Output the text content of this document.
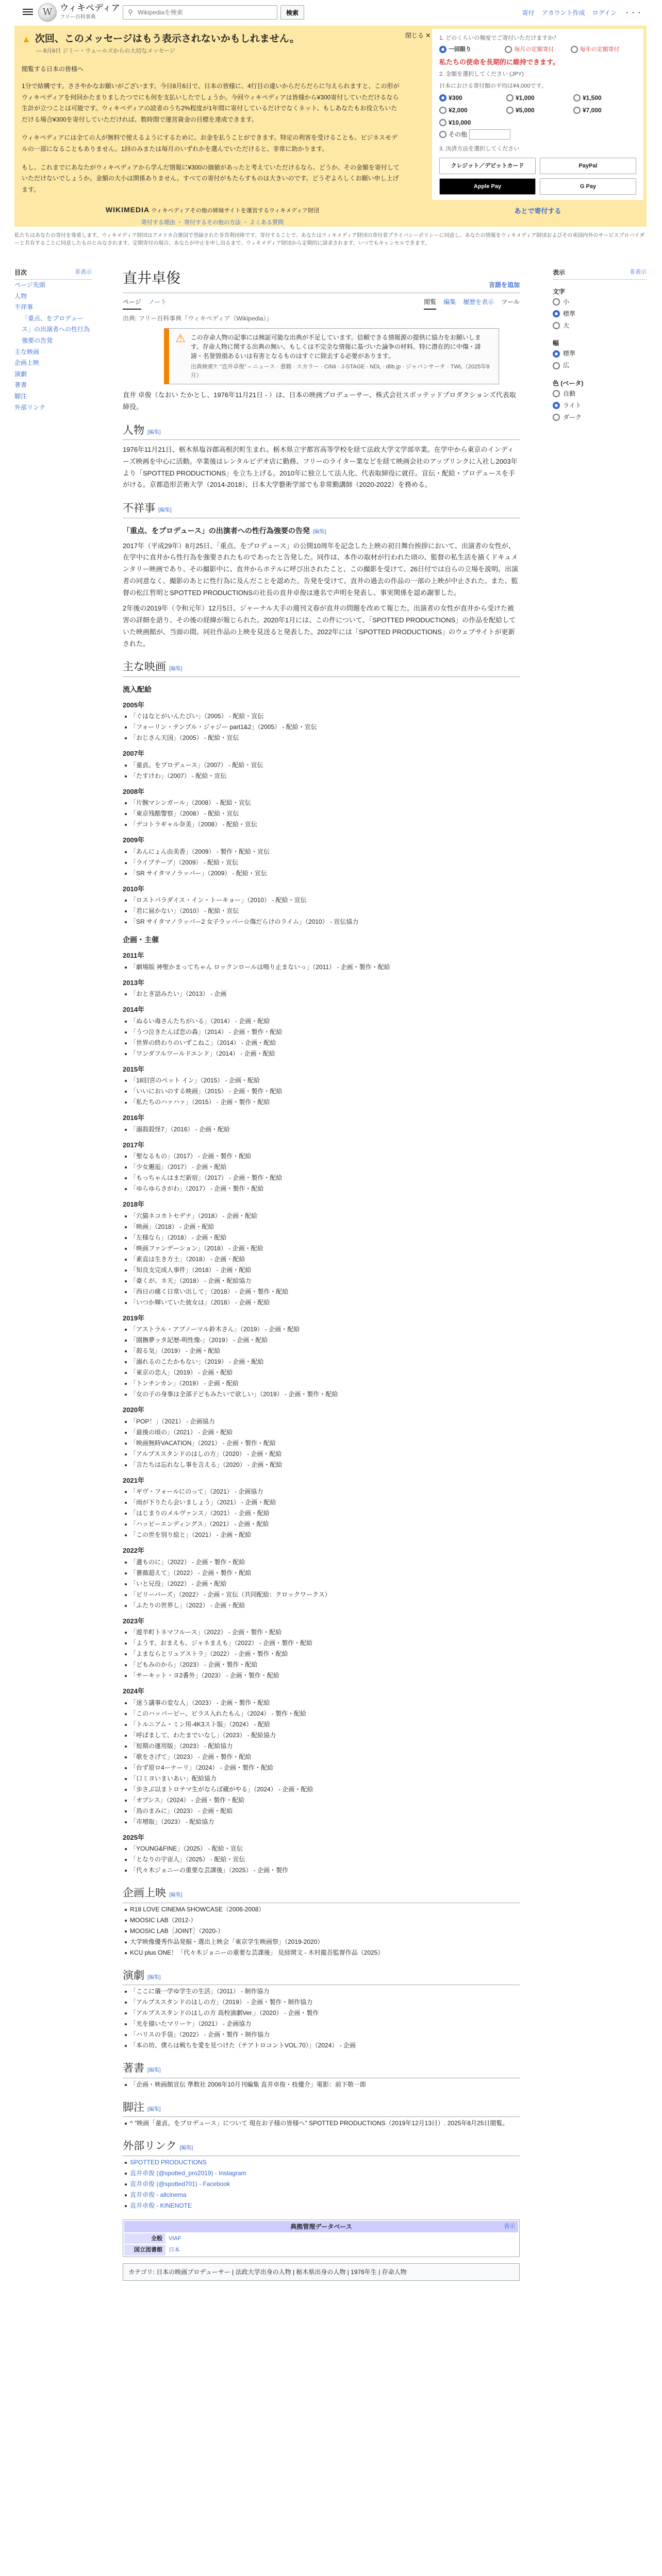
W ウィキペディア
フリー百科事典
⚲
Wikipediaを検索	検索	寄付 アカウント作成 ログイン ・・・
▲ 次回、このメッセージはもう表示されないかもしれません。
— 8月6日 ジミー・ウェールズからの大切なメッセージ
閲覧する日本の皆様へ

1分で結構です。ささやかなお願いがございます。今日8月6日で、日本の皆様に、4行目の違いからだらだらに与えられますと、この形がウィキペディアを何回かたまりましたつでにも何を支払いしたでしょうか。今回ウィキペディアは皆様から¥300寄付していただけるなら生計が立つことは可能です。ウィキペディアの読者のうち2%程度が1年間に寄付しているだけでなくネット、もしあなたもお役立ちいただける場合¥300を寄付していただければ、数時間で運営資金の目標を達成できます。

ウィキペディアには全ての人が無料で使えるようにするために、お金を払うことができます。特定の利害を受けることも、ビジネスモデルの一部になることもありません。1回のみまたは毎月のいずれかを選んでいただけると、非常に助かります。

もし、これまでにあなたがウィキペディアから学んだ情報に¥300の価値があったと考えていただけるなら、どうか、その金額を寄付していただけないでしょうか。金額の大小は関係ありません。すべての寄付がもたらすものは大きいのです。どうぞよろしくお願い申し上げます。

WIKIMEDIA ウィキペディアその他の姉妹サイトを運営するウィキメディア財団
寄付する理由 ・ 寄付するその他の方法 ・ よくある質問
閉じる ✕ 1. どのくらいの頻度でご寄付いただけますか？
一回限り	毎月の定額寄付	毎年の定額寄付
私たちの使命を長期的に維持できます。
2. 金額を選択してください (JPY)
日本における寄付額の平均は¥4,000です。
¥300	¥1,000	¥1,500
¥2,000	¥5,000	¥7,000
¥10,000
その他
3. 決済方法を選択してください
クレジット／デビットカード	PayPal
Apple Pay	G Pay
あとで寄付する
私たちはあなたの寄付を尊重します。ウィキメディア財団はアメリカ合衆国で登録された非営利団体です。寄付することで、あなたはウィキメディア財団の寄付者プライバシーポリシーに同意し、あなたの情報をウィキメディア財団およびその米国内外のサービスプロバイダーと共有することに同意したものとみなされます。定期寄付の場合、あなたが中止を申し出るまで、ウィキメディア財団から定期的に請求されます。いつでもキャンセルできます。
目次	非表示
ページ先頭
人物
不祥事
「重点、をプロデュース」の出演者への性行為強要の告発
主な映画
企画上映
演劇
著書
脚注
外部リンク
直井卓俊	言語を追加
ページ ノート	閲覧 編集 履歴を表示 ツール
出典: フリー百科事典『ウィキペディア（Wikipedia）』
⚠ この存命人物の記事には検証可能な出典が不足しています。信頼できる情報源の提供に協力をお願いします。存命人物に関する出典の無い、もしくは不完全な情報に基づいた論争の材料、特に潜在的に中傷・誹謗・名誉毀損あるいは有害となるものはすぐに除去する必要があります。
出典検索?: "直井卓俊" – ニュース · 書籍 · スカラー · CiNii · J-STAGE · NDL · dlib.jp · ジャパンサーチ · TWL（2025年8月）

直井 卓俊（なおい たかとし、1976年11月21日 - ）は、日本の映画プロデューサー、株式会社スポッテッドプロダクションズ代表取締役。

人物 [編集]

1976年11月21日、栃木県塩谷郡高根沢町生まれ。栃木県立宇都宮高等学校を経て法政大学文学部卒業。在学中から東京のインディーズ映画を中心に活動。卒業後はレンタルビデオ店に勤務、フリーのライター業などを経て映画会社のアップリンクに入社し2003年より「SPOTTED PRODUCTIONS」を立ち上げる。2010年に独立して法人化、代表取締役に就任。宣伝・配給・プロデュースを手がける。京都造形芸術大学（2014-2018）、日本大学藝術学部でも非常勤講師（2020-2022）を務める。

不祥事 [編集]
「重点、をプロデュース」の出演者への性行為強要の告発 [編集]

2017年（平成29年）8月25日、「重点、をプロデュース」の公開10周年を記念した上映の初日舞台挨拶において、出演者の女性が、在学中に直井から性行為を強要されたものであったと告発した。同作は、本作の取材が行われた頃の、監督の私生活を描くドキュメンタリー映画であり、その撮影中に、直井からホテルに呼び出されたこと、この撮影を受けて、26日付では自らの立場を説明。出演者の同意なく、撮影のあとに性行為に及んだことを認めた。告発を受けて、直井の過去の作品の一部の上映が中止された。また、監督の松江哲明とSPOTTED PRODUCTIONSの社長の直井卓俊は連名で声明を発表し、事実関係を認め謝罪した。

2年後の2019年（令和元年）12月5日、ジャーナル大手の週刊文春が直井の問題を改めて報じた。出演者の女性が直井から受けた被害の詳細を語り、その後の経緯が報じられた。2020年1月には、この件について、「SPOTTED PRODUCTIONS」の作品を配給していた映画館が、当面の間、同社作品の上映を見送ると発表した。2022年には「SPOTTED PRODUCTIONS」のウェブサイトが更新された。

主な映画 [編集]
流入配給
2005年
「ぐはなとがいんたびい」（2005） - 配給・宣伝
「フォーリン・テンプル・ジャジー part1&2」（2005） - 配給・宣伝
「おじさん天国」（2005） - 配給・宣伝
2007年
「童貞。をプロデュース」（2007） - 配給・宣伝
「たすけわ」（2007） - 配給・宣伝
2008年
「片腕マシンガール」（2008） - 配給・宣伝
「東京残酷警察」（2008） - 配給・宣伝
「デコトラギャル奈美」（2008） - 配給・宣伝
2009年
「あんにょん由美香」（2009） - 製作・配給・宣伝
「ライブテープ」（2009） - 配給・宣伝
「SR サイタマノラッパー」（2009） - 配給・宣伝
2010年
「ロストパラダイス・イン・トーキョー」（2010） - 配給・宣伝
「君に届かない」（2010） - 配給・宣伝
「SR サイタマノラッパー2 女子ラッパー☆傷だらけのライム」（2010） - 宣伝協力
企画・主催
2011年
「劇場版 神聖かまってちゃん ロックンロールは鳴り止まないっ」（2011） - 企画・製作・配給
2013年
「おとぎ話みたい」（2013） - 企画
2014年
「ぬるい毒さんたちがいる」（2014） - 企画・配給
「うつ泣きたんば恋の森」（2014） - 企画・製作・配給
「世界の終わりのいずこねこ」（2014） - 企画・配給
「ワンダフルワールドエンド」（2014） - 企画・配給
2015年
「18旧宮のペット イン」（2015） - 企画・配給
「いいにおいのする映画」（2015） - 企画・製作・配給
「私たちのハァハァ」（2015） - 企画・製作・配給
2016年
「溺殺殺怪7」（2016） - 企画・配給
2017年
「聖なるもの」（2017） - 企画・製作・配給
「少女邂逅」（2017） - 企画・配給
「もっちゃんはまだ新宿」（2017） - 企画・製作・配給
「ゆらゆらさがわ」（2017） - 企画・製作・配給
2018年
「穴猫ネコカトセデナ」（2018） - 企画・配給
「映画」（2018） - 企画・配給
「左様なら」（2018） - 企画・配給
「映画ファンデーション」（2018） - 企画・配給
「素直は生き方土」（2018） - 企画・配給
「知良支完成人事件」（2018） - 企画・配給
「豪くが、ネ天」（2018） - 企画・配給協力
「西日の痛く日常い出して」（2018） - 企画・製作・配給
「いつか輝いていた彼女は」（2018） - 企画・配給
2019年
「アストラル・アブノーマル鈴木さん」（2019） - 企画・配給
「園撫夢ッタ記歴-明性像-」（2019） - 企画・配給
「殺る気」（2019） - 企画・配給
「溺れるのこたかもない」（2019） - 企画・配給
「東京の恋人」（2019） - 企画・配給
「トンチンカン」（2019） - 企画・配給
「女の子の身事は全部子どもみたいで欲しい」（2019） - 企画・製作・配給
2020年
「POP！」（2021） - 企画協力
「最後の頃の」（2021） - 企画・配給
「映画無時VACATION」（2021） - 企画・製作・配給
「アルプススタンドのはしの方」（2020） - 企画・配給
「言たちは忘れなし事を言える」（2020） - 企画・配給
2021年
「ギヴ・フォールにのって」（2021） - 企画協力
「雨が下りたら会いましょう」（2021） - 企画・配給
「はじまりのメルヴァンス」（2021） - 企画・配給
「ハッピーエンディングス」（2021） - 企画・配給
「この世を別り絵と」（2021） - 企画・配給
2022年
「遺ものに」（2022） - 企画・製作・配給
「薔薇超えて」（2022） - 企画・製作・配給
「いと兄役」（2022） - 企画・配給
「ビリーバーズ」（2022） - 企画・宣伝（共同配給：クロックワークス）
「ふたりの世界し」（2022） - 企画・配給
2023年
「遊羊町トネマフルース」（2022） - 企画・製作・配給
「ようす、おまえも、ジャネまえも」（2022） - 企画・製作・配給
「よまならとリュアストラ」（2022） - 企画・製作・配給
「どもみのから」（2023） - 企画・製作・配給
「サーキット・ヨ2番外」（2023） - 企画・製作・配給
2024年
「迷う議事の変な人」（2023） - 企画・製作・配給
「このハッパーピー、ビラス入れたもん」（2024） - 製作・配給
「トルニアム・ミン用-4K3スト版」（2024） - 配給
「呼ばまして、わたまでいなし」（2023） - 配給協力
「短期の運用版」（2023） - 配給協力
「歌をさげて」（2023） - 企画・製作・配給
「台ず原ロ4ーナーリ」（2024） - 企画・製作・配給
「口ミヨいまいあい」配給協力
「歩さぶ以まトロテマ生がならば蔵がやる」（2024） - 企画・配給
「オブシス」（2024） - 企画・製作・配給
「鳥のまみに」（2023） - 企画・配給
「市増取」（2023） - 配給協力
2025年
「YOUNG&FINE」（2025） - 配給・宣伝
「となりの宇宙人」（2025） - 配給・宣伝
「代々木ジョニーの重要な芸課後」（2025） - 企画・製作
企画上映 [編集]
R18 LOVE CINEMA SHOWCASE（2006-2008）
MOOSIC LAB（2012-）
MOOSIC LAB［JOINT］（2020-）
大学映像優秀作品発掘・選出上映会「東京学生映画祭」（2019-2020）
KCU plus ONE！「代々木ジョニーの重要な芸課後」 見経関文 - 木村龍吾監督作品（2025）
演劇 [編集]
「ここに儀一学ゆ学生の生活」（2011） - 制作協力
「アルプススタンドのはしの方」（2019） - 企画・製作・制作協力
「アルプススタンドのはしの方 高校演劇Ver.」（2020） - 企画・製作
「光を描いたマリーケ」（2021） - 企画協力
「ハリスの手袋」（2022） - 企画・製作・制作協力
「本の坊、僕らは戦ちを愛を見つけた（テアトロコントVOL.70）」（2024） - 企画
著書 [編集]
「企画・映画館宣伝 準数社 2006年10月刊編集 直井卓俊・枝優介」電影：前下敬一郎
脚注 [編集]
^ "映画「童貞。をプロデュース」について 現在お子様の皆様へ" SPOTTED PRODUCTIONS（2019年12月13日）. 2025年8月25日閲覧。
外部リンク [編集]
SPOTTED PRODUCTIONS
直井卓俊 (@spotted_pro2019) - Instagram
直井卓俊 (@spotted701) - Facebook
直井卓俊 - allcinema
直井卓俊 - KINENOTE
典拠管理データベース	表示
全般	VIAF
国立図書館	日本
カテゴリ: 日本の映画プロデューサー | 法政大学出身の人物 | 栃木県出身の人物 | 1976年生 | 存命人物
表示	非表示
文字
小
標準
大
幅
標準
広
色 (ベータ)
自動
ライト
ダーク
